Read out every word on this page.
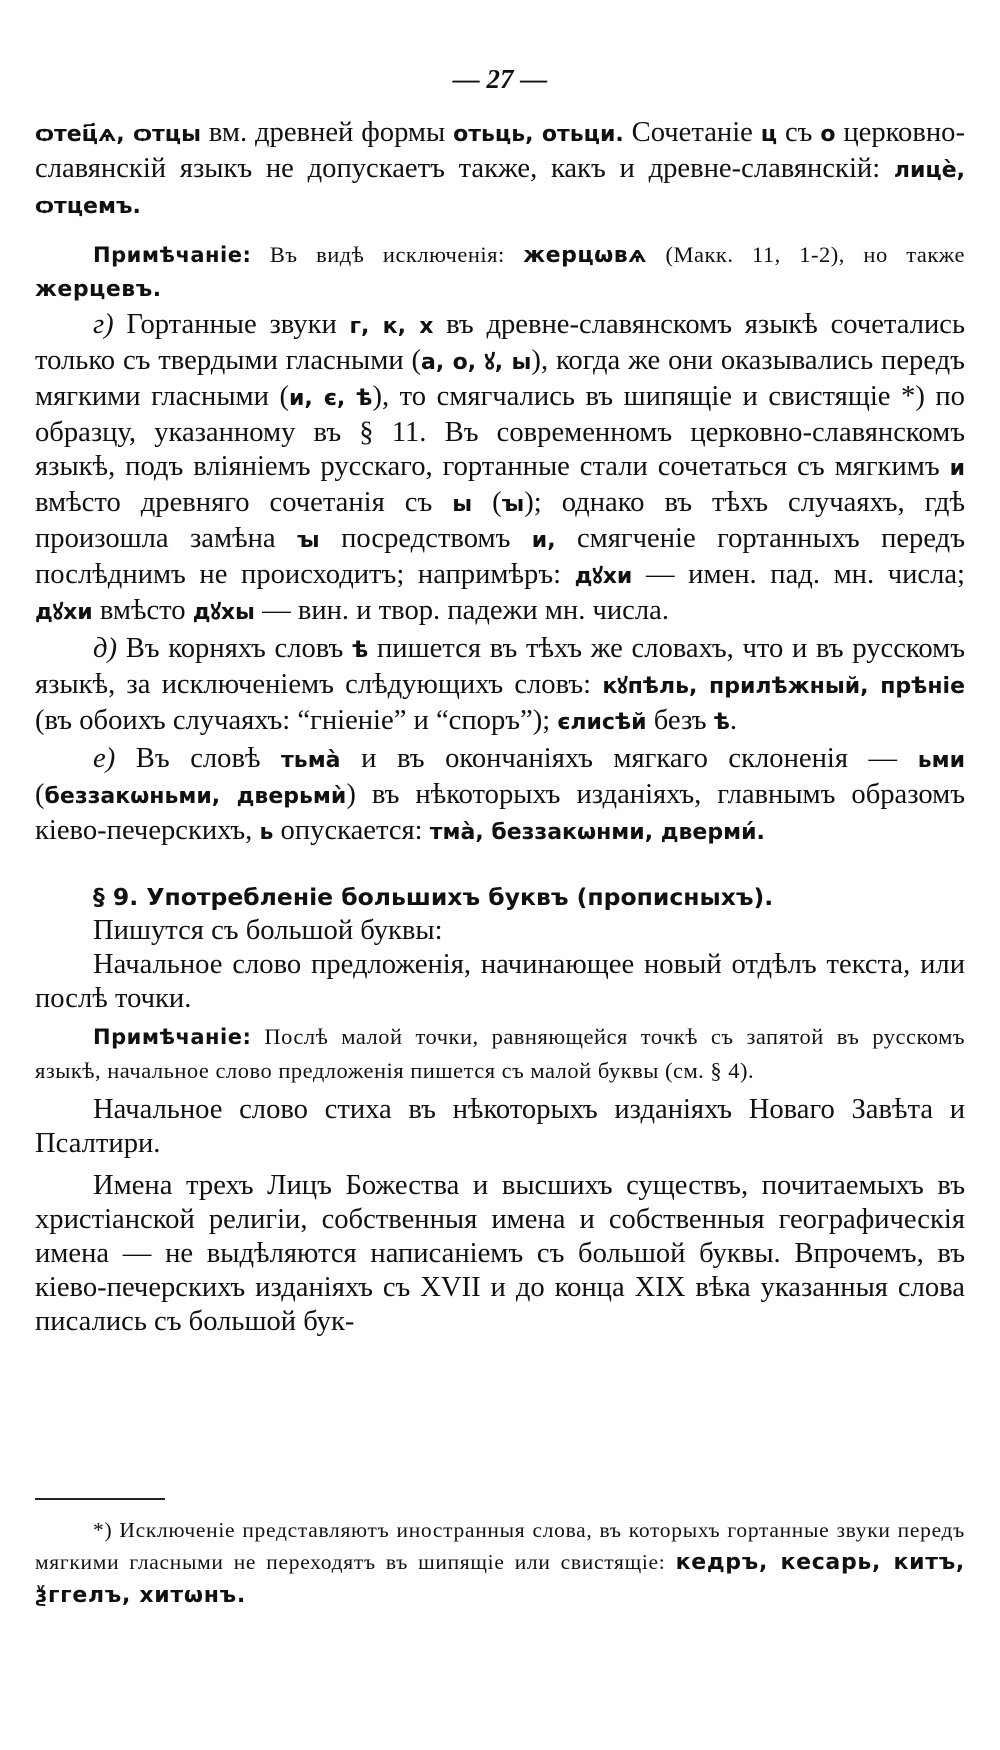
— 27 —

ѻтец҃ѧ, ѻтцы вм. древней формы отьць, отьци. Сочетаніе ц съ о церковно-славянскій языкъ не допускаетъ также, какъ и древне-славянскій: лицѐ, ѻтцемъ.

Примѣчаніе: Въ видѣ исключенія: жерцѡвѧ (Макк. 11, 1-2), но также жерцевъ.

г) Гортанные звуки г, к, х въ древне-славянскомъ языкѣ сочетались только съ твердыми гласными (а, о, ꙋ, ы), когда же они оказывались передъ мягкими гласными (и, є, ѣ), то смягчались въ шипящіе и свистящіе *) по образцу, указанному въ § 11. Въ современномъ церковно-славянскомъ языкѣ, подъ вліяніемъ русскаго, гортанные стали сочетаться съ мягкимъ и вмѣсто древняго сочетанія съ ы (ꙑ); однако въ тѣхъ случаяхъ, гдѣ произошла замѣна ꙑ посредствомъ и, смягченіе гортанныхъ передъ послѣднимъ не происходитъ; напримѣръ: дꙋхи — имен. пад. мн. числа; дꙋхи вмѣсто дꙋхы — вин. и твор. падежи мн. числа.

д) Въ корняхъ словъ ѣ пишется въ тѣхъ же словахъ, что и въ русскомъ языкѣ, за исключеніемъ слѣдующихъ словъ: кꙋпѣль, прилѣжный, прѣніе (въ обоихъ случаяхъ: “гніеніе” и “споръ”); єлисѣй безъ ѣ.

е) Въ словѣ тьмà и въ окончаніяхъ мягкаго склоненія — ьми (беззакѡньми, дверьмѝ) въ нѣкоторыхъ изданіяхъ, главнымъ образомъ кіево-печерскихъ, ь опускается: тмà, беззакѡнми, дверми́.

§ 9. Употребленіе большихъ буквъ (прописныхъ).

Пишутся съ большой буквы:

Начальное слово предложенія, начинающее новый отдѣлъ текста, или послѣ точки.

Примѣчаніе: Послѣ малой точки, равняющейся точкѣ съ запятой въ русскомъ языкѣ, начальное слово предложенія пишется съ малой буквы (см. § 4).

Начальное слово стиха въ нѣкоторыхъ изданіяхъ Новаго Завѣта и Псалтири.

Имена трехъ Лицъ Божества и высшихъ существъ, почитаемыхъ въ христіанской религіи, собственныя имена и собственныя географическія имена — не выдѣляются написаніемъ съ большой буквы. Впрочемъ, въ кіево-печерскихъ изданіяхъ съ XVII и до конца XIX вѣка указанныя слова писались съ большой бук-

*) Исключеніе представляютъ иностранныя слова, въ которыхъ гортанные звуки передъ мягкими гласными не переходятъ въ шипящіе или свистящіе: кедръ, кесарь, китъ, ѯггелъ, хитѡнъ.
